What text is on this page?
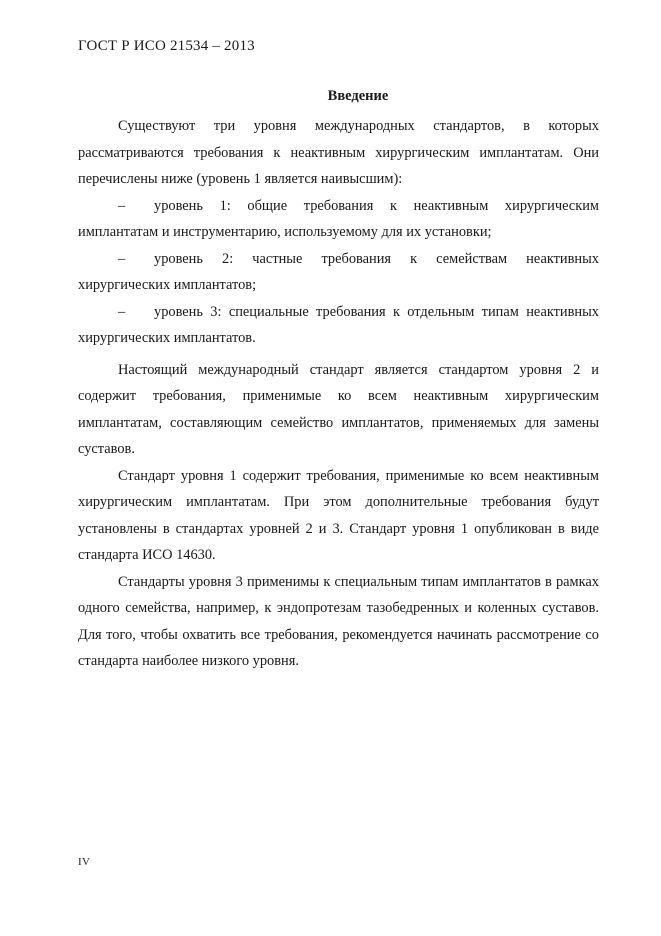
ГОСТ Р ИСО 21534 – 2013
Введение

Существуют три уровня международных стандартов, в которых рассматриваются требования к неактивным хирургическим имплантатам. Они перечислены ниже (уровень 1 является наивысшим):

– уровень 1: общие требования к неактивным хирургическим имплантатам и инструментарию, используемому для их установки;

– уровень 2: частные требования к семействам неактивных хирургических имплантатов;

– уровень 3: специальные требования к отдельным типам неактивных хирургических имплантатов.

Настоящий международный стандарт является стандартом уровня 2 и содержит требования, применимые ко всем неактивным хирургическим имплантатам, составляющим семейство имплантатов, применяемых для замены суставов.

Стандарт уровня 1 содержит требования, применимые ко всем неактивным хирургическим имплантатам. При этом дополнительные требования будут установлены в стандартах уровней 2 и 3. Стандарт уровня 1 опубликован в виде стандарта ИСО 14630.

Стандарты уровня 3 применимы к специальным типам имплантатов в рамках одного семейства, например, к эндопротезам тазобедренных и коленных суставов. Для того, чтобы охватить все требования, рекомендуется начинать рассмотрение со стандарта наиболее низкого уровня.

IV
